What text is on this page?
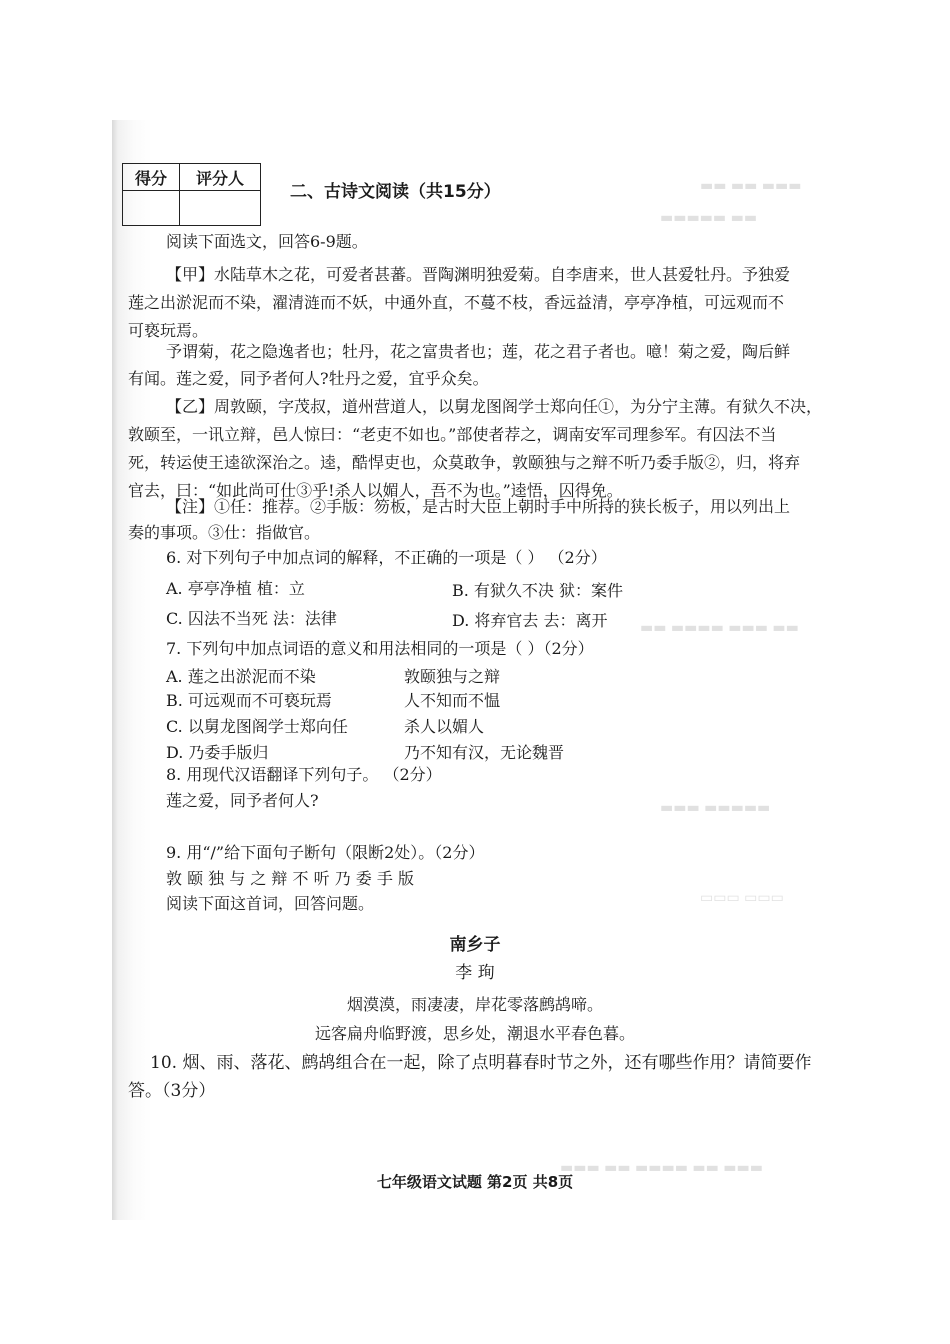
▬▬ ▬▬ ▬▬▬
▬▬▬▬▬ ▬▬
▬▬ ▬▬▬▬ ▬▬▬ ▬▬
▬▬▬ ▬▬▬▬▬
▭▭▭ ▭▭▭
▬▬▬ ▬▬ ▬▬▬▬ ▬▬ ▬▬▬
得分	评分人

二、古诗文阅读（共15分）
阅读下面选文，回答6-9题。
【甲】水陆草木之花，可爱者甚蕃。晋陶渊明独爱菊。自李唐来，世人甚爱牡丹。予独爱
莲之出淤泥而不染，濯清涟而不妖，中通外直，不蔓不枝，香远益清，亭亭净植，可远观而不
可亵玩焉。
予谓菊，花之隐逸者也；牡丹，花之富贵者也；莲，花之君子者也。噫！菊之爱，陶后鲜
有闻。莲之爱，同予者何人?牡丹之爱，宜乎众矣。
【乙】周敦颐，字茂叔，道州营道人，以舅龙图阁学士郑向任①，为分宁主薄。有狱久不决，
敦颐至，一讯立辩，邑人惊曰：“老吏不如也。”部使者荐之，调南安军司理参军。有囚法不当
死，转运使王逵欲深治之。逵，酷悍吏也，众莫敢争，敦颐独与之辩不听乃委手版②，归，将弃
官去，曰：“如此尚可仕③乎!杀人以媚人，吾不为也。”逵悟，囚得免。
【注】①任：推荐。②手版：笏板，是古时大臣上朝时手中所持的狭长板子，用以列出上
奏的事项。③仕：指做官。
6. 对下列句子中加点词的解释，不正确的一项是（ ） （2分）
A. 亭亭净植 植：立	B. 有狱久不决 狱：案件
C. 囚法不当死 法：法律	D. 将弃官去 去：离开
7. 下列句中加点词语的意义和用法相同的一项是（ ）（2分）
A. 莲之出淤泥而不染	敦颐独与之辩
B. 可远观而不可亵玩焉	人不知而不愠
C. 以舅龙图阁学士郑向任	杀人以媚人
D. 乃委手版归	乃不知有汉，无论魏晋
8. 用现代汉语翻译下列句子。 （2分）
莲之爱，同予者何人?
9. 用“/”给下面句子断句（限断2处）。（2分）
敦 颐 独 与 之 辩 不 听 乃 委 手 版
阅读下面这首词，回答问题。
南乡子
李 珣
烟漠漠，雨凄凄，岸花零落鹧鸪啼。
远客扁舟临野渡，思乡处，潮退水平春色暮。
10. 烟、雨、落花、鹧鸪组合在一起，除了点明暮春时节之外，还有哪些作用？请简要作
答。（3分）
七年级语文试题 第2页 共8页
